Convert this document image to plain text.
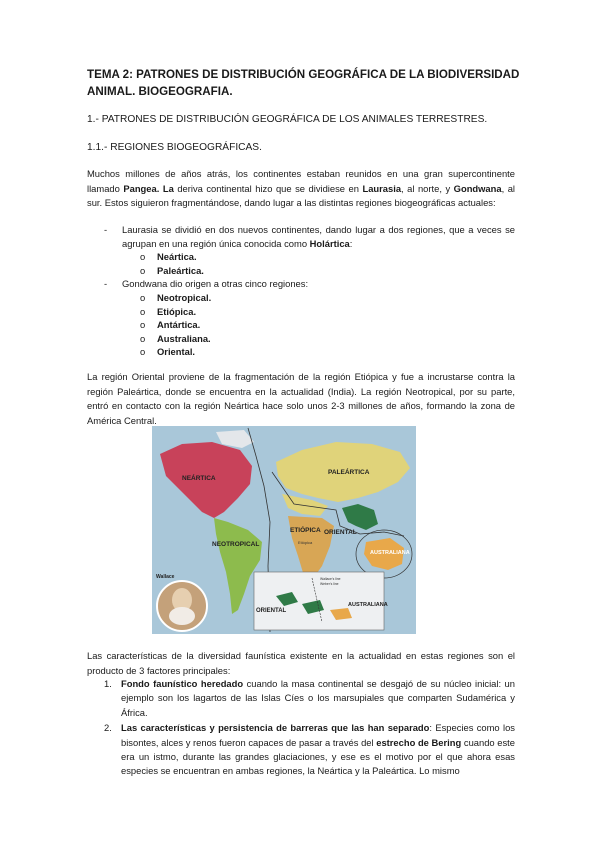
TEMA 2: PATRONES DE DISTRIBUCIÓN GEOGRÁFICA DE LA BIODIVERSIDAD ANIMAL. BIOGEOGRAFIA.
1.- PATRONES DE DISTRIBUCIÓN GEOGRÁFICA DE LOS ANIMALES TERRESTRES.
1.1.- REGIONES BIOGEOGRÁFICAS.
Muchos millones de años atrás, los continentes estaban reunidos en una gran supercontinente llamado Pangea. La deriva continental hizo que se dividiese en Laurasia, al norte, y Gondwana, al sur. Estos siguieron fragmentándose, dando lugar a las distintas regiones biogeográficas actuales:
- Laurasia se dividió en dos nuevos continentes, dando lugar a dos regiones, que a veces se agrupan en una región única conocida como Holártica:
o Neártica.
o Paleártica.
- Gondwana dio origen a otras cinco regiones:
o Neotropical.
o Etiópica.
o Antártica.
o Australiana.
o Oriental.
La región Oriental proviene de la fragmentación de la región Etiópica y fue a incrustarse contra la región Paleártica, donde se encuentra en la actualidad (India). La región Neotropical, por su parte, entró en contacto con la región Neártica hace solo unos 2-3 millones de años, formando la zona de América Central.
NEÁRTICA
PALEÁRTICA
NEOTROPICAL
ETIÓPICA ORIENTAL
AUSTRALIANA
Etiópica
Wallace
ORIENTAL
AUSTRALIANA
Wallace's line
Weber's line
Las características de la diversidad faunística existente en la actualidad en estas regiones son el producto de 3 factores principales:
1. Fondo faunístico heredado cuando la masa continental se desgajó de su núcleo inicial: un ejemplo son los lagartos de las Islas Cíes o los marsupiales que comparten Sudamérica y África.
2. Las características y persistencia de barreras que las han separado: Especies como los bisontes, alces y renos fueron capaces de pasar a través del estrecho de Bering cuando este era un istmo, durante las grandes glaciaciones, y ese es el motivo por el que ahora esas especies se encuentran en ambas regiones, la Neártica y la Paleártica. Lo mismo
